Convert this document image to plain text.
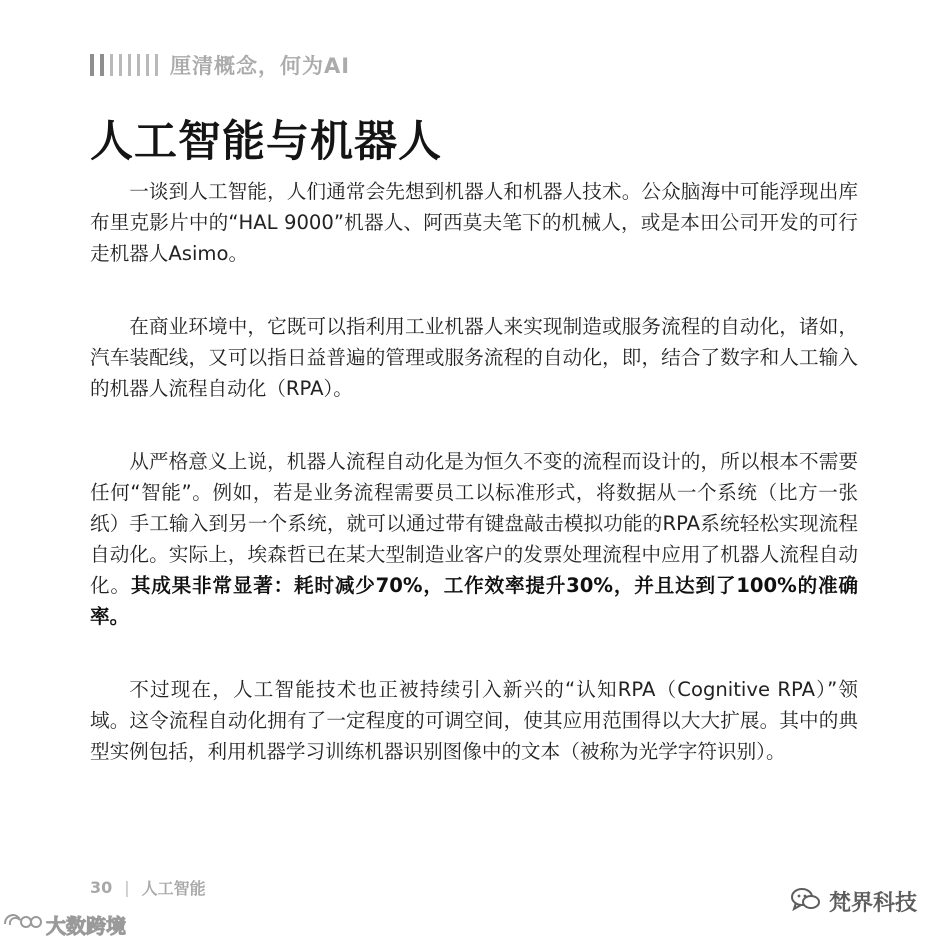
厘清概念，何为AI
人工智能与机器人

一谈到人工智能，人们通常会先想到机器人和机器人技术。公众脑海中可能浮现出库布里克影片中的“HAL 9000”机器人、阿西莫夫笔下的机械人，或是本田公司开发的可行走机器人Asimo。

在商业环境中，它既可以指利用工业机器人来实现制造或服务流程的自动化，诸如，汽车装配线，又可以指日益普遍的管理或服务流程的自动化，即，结合了数字和人工输入的机器人流程自动化（RPA）。

从严格意义上说，机器人流程自动化是为恒久不变的流程而设计的，所以根本不需要任何“智能”。例如，若是业务流程需要员工以标准形式，将数据从一个系统（比方一张纸）手工输入到另一个系统，就可以通过带有键盘敲击模拟功能的RPA系统轻松实现流程自动化。实际上，埃森哲已在某大型制造业客户的发票处理流程中应用了机器人流程自动化。其成果非常显著：耗时减少70%，工作效率提升30%，并且达到了100%的准确率。

不过现在，人工智能技术也正被持续引入新兴的“认知RPA（Cognitive RPA）”领域。这令流程自动化拥有了一定程度的可调空间，使其应用范围得以大大扩展。其中的典型实例包括，利用机器学习训练机器识别图像中的文本（被称为光学字符识别）。

30 | 人工智能
梵界科技
大数跨境
